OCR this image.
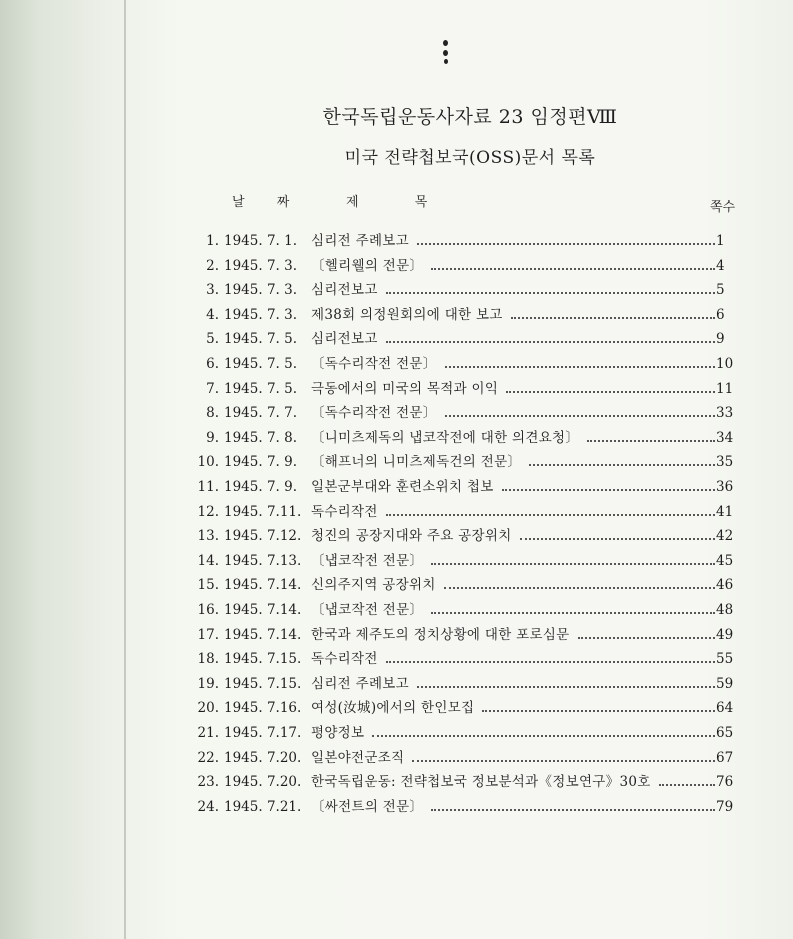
한국독립운동사자료 23 임정편Ⅷ
미국 전략첩보국(OSS)문서 목록
날 짜	제 목	쪽수
1. 1945. 7. 1. 심리전 주례보고	1
2. 1945. 7. 3. 〔헬리웰의 전문〕	4
3. 1945. 7. 3. 심리전보고	5
4. 1945. 7. 3. 제38회 의정원회의에 대한 보고	6
5. 1945. 7. 5. 심리전보고	9
6. 1945. 7. 5. 〔독수리작전 전문〕	10
7. 1945. 7. 5. 극동에서의 미국의 목적과 이익	11
8. 1945. 7. 7. 〔독수리작전 전문〕	33
9. 1945. 7. 8. 〔니미츠제독의 냅코작전에 대한 의견요청〕	34
10. 1945. 7. 9. 〔해프너의 니미츠제독건의 전문〕	35
11. 1945. 7. 9. 일본군부대와 훈련소위치 첩보	36
12. 1945. 7.11. 독수리작전	41
13. 1945. 7.12. 청진의 공장지대와 주요 공장위치	42
14. 1945. 7.13. 〔냅코작전 전문〕	45
15. 1945. 7.14. 신의주지역 공장위치	46
16. 1945. 7.14. 〔냅코작전 전문〕	48
17. 1945. 7.14. 한국과 제주도의 정치상황에 대한 포로심문	49
18. 1945. 7.15. 독수리작전	55
19. 1945. 7.15. 심리전 주례보고	59
20. 1945. 7.16. 여성(汝城)에서의 한인모집	64
21. 1945. 7.17. 평양정보	65
22. 1945. 7.20. 일본야전군조직	67
23. 1945. 7.20. 한국독립운동: 전략첩보국 정보분석과《정보연구》30호	76
24. 1945. 7.21. 〔싸전트의 전문〕	79
